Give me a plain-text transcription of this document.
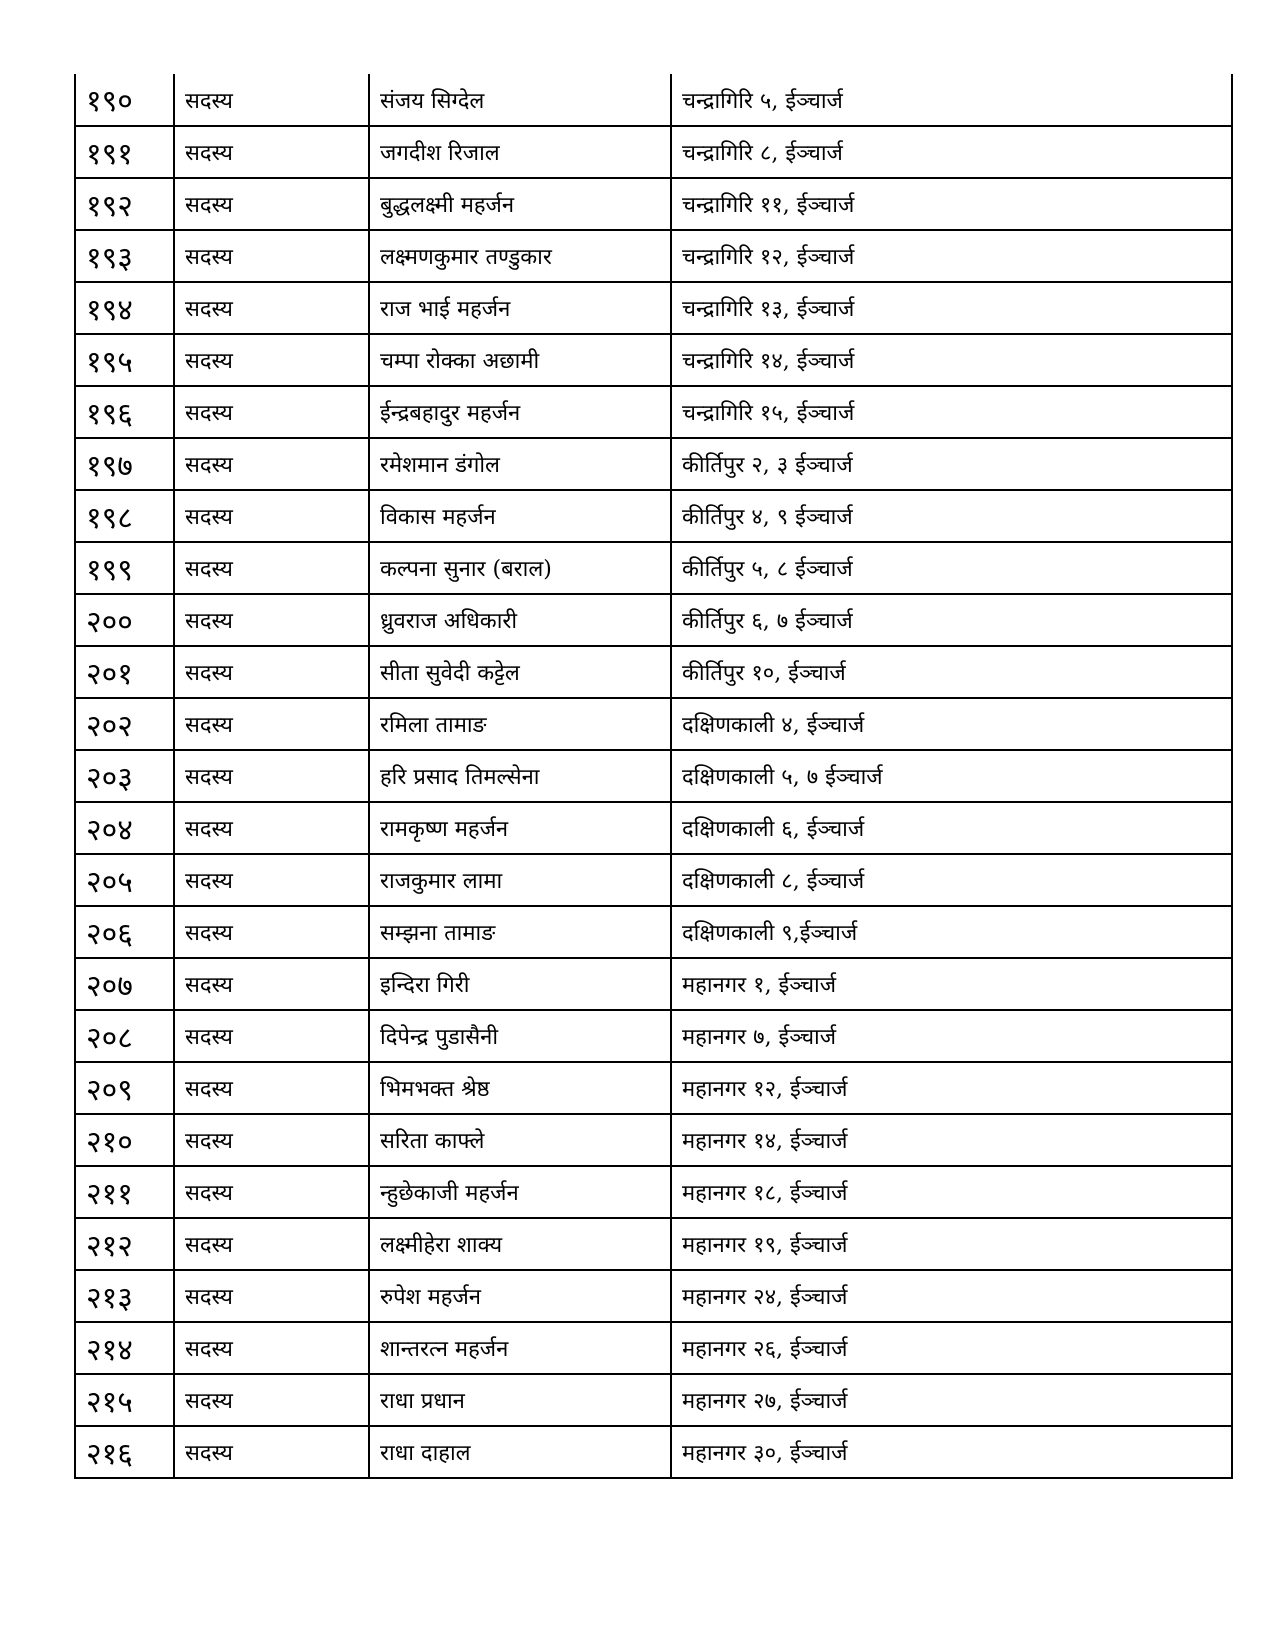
१९०	सदस्य	संजय सिग्देल	चन्द्रागिरि ५, ईञ्चार्ज
१९१	सदस्य	जगदीश रिजाल	चन्द्रागिरि ८, ईञ्चार्ज
१९२	सदस्य	बुद्धलक्ष्मी महर्जन	चन्द्रागिरि ११, ईञ्चार्ज
१९३	सदस्य	लक्ष्मणकुमार तण्डुकार	चन्द्रागिरि १२, ईञ्चार्ज
१९४	सदस्य	राज भाई महर्जन	चन्द्रागिरि १३, ईञ्चार्ज
१९५	सदस्य	चम्पा रोक्का अछामी	चन्द्रागिरि १४, ईञ्चार्ज
१९६	सदस्य	ईन्द्रबहादुर महर्जन	चन्द्रागिरि १५, ईञ्चार्ज
१९७	सदस्य	रमेशमान डंगोल	कीर्तिपुर २, ३ ईञ्चार्ज
१९८	सदस्य	विकास महर्जन	कीर्तिपुर ४, ९ ईञ्चार्ज
१९९	सदस्य	कल्पना सुनार (बराल)	कीर्तिपुर ५, ८ ईञ्चार्ज
२००	सदस्य	ध्रुवराज अधिकारी	कीर्तिपुर ६, ७ ईञ्चार्ज
२०१	सदस्य	सीता सुवेदी कट्टेल	कीर्तिपुर १०, ईञ्चार्ज
२०२	सदस्य	रमिला तामाङ	दक्षिणकाली ४, ईञ्चार्ज
२०३	सदस्य	हरि प्रसाद तिमल्सेना	दक्षिणकाली ५, ७ ईञ्चार्ज
२०४	सदस्य	रामकृष्ण महर्जन	दक्षिणकाली ६, ईञ्चार्ज
२०५	सदस्य	राजकुमार लामा	दक्षिणकाली ८, ईञ्चार्ज
२०६	सदस्य	सम्झना तामाङ	दक्षिणकाली ९,ईञ्चार्ज
२०७	सदस्य	इन्दिरा गिरी	महानगर १, ईञ्चार्ज
२०८	सदस्य	दिपेन्द्र पुडासैनी	महानगर ७, ईञ्चार्ज
२०९	सदस्य	भिमभक्त श्रेष्ठ	महानगर १२, ईञ्चार्ज
२१०	सदस्य	सरिता काफ्ले	महानगर १४, ईञ्चार्ज
२११	सदस्य	न्हुछेकाजी महर्जन	महानगर १८, ईञ्चार्ज
२१२	सदस्य	लक्ष्मीहेरा शाक्य	महानगर १९, ईञ्चार्ज
२१३	सदस्य	रुपेश महर्जन	महानगर २४, ईञ्चार्ज
२१४	सदस्य	शान्तरत्न महर्जन	महानगर २६, ईञ्चार्ज
२१५	सदस्य	राधा प्रधान	महानगर २७, ईञ्चार्ज
२१६	सदस्य	राधा दाहाल	महानगर ३०, ईञ्चार्ज
